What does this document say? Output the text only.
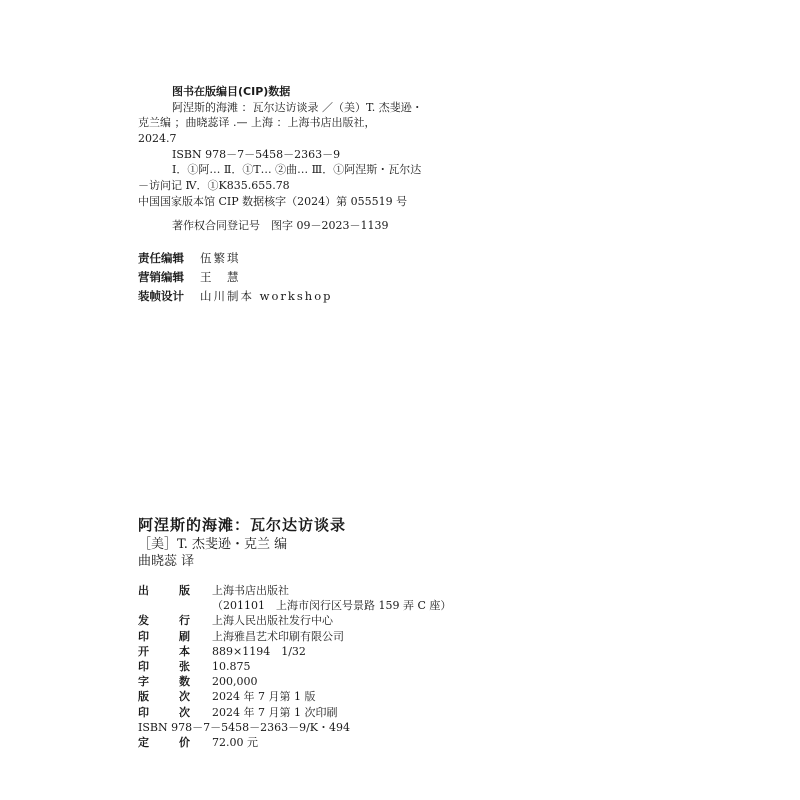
图书在版编目(CIP)数据
阿涅斯的海滩 ：瓦尔达访谈录 ／（美）T. 杰斐逊・
克兰编 ；曲晓蕊译 .— 上海 ：上海书店出版社，
2024.7
ISBN 978－7－5458－2363－9
Ⅰ．①阿… Ⅱ．①T… ②曲… Ⅲ．①阿涅斯・瓦尔达
－访问记 Ⅳ．①K835.655.78
中国国家版本馆 CIP 数据核字（2024）第 055519 号
著作权合同登记号　图字 09－2023－1139
责任编辑 伍繁琪
营销编辑 王　慧
装帧设计 山川制本 workshop
阿涅斯的海滩：瓦尔达访谈录
［美］T. 杰斐逊・克兰 编
曲晓蕊 译
出版 上海书店出版社
（201101　上海市闵行区号景路 159 弄 C 座）
发行 上海人民出版社发行中心
印刷 上海雅昌艺术印刷有限公司
开本 889×1194　1/32
印张 10.875
字数 200,000
版次 2024 年 7 月第 1 版
印次 2024 年 7 月第 1 次印刷
ISBN 978－7－5458－2363－9/K・494
定价 72.00 元
